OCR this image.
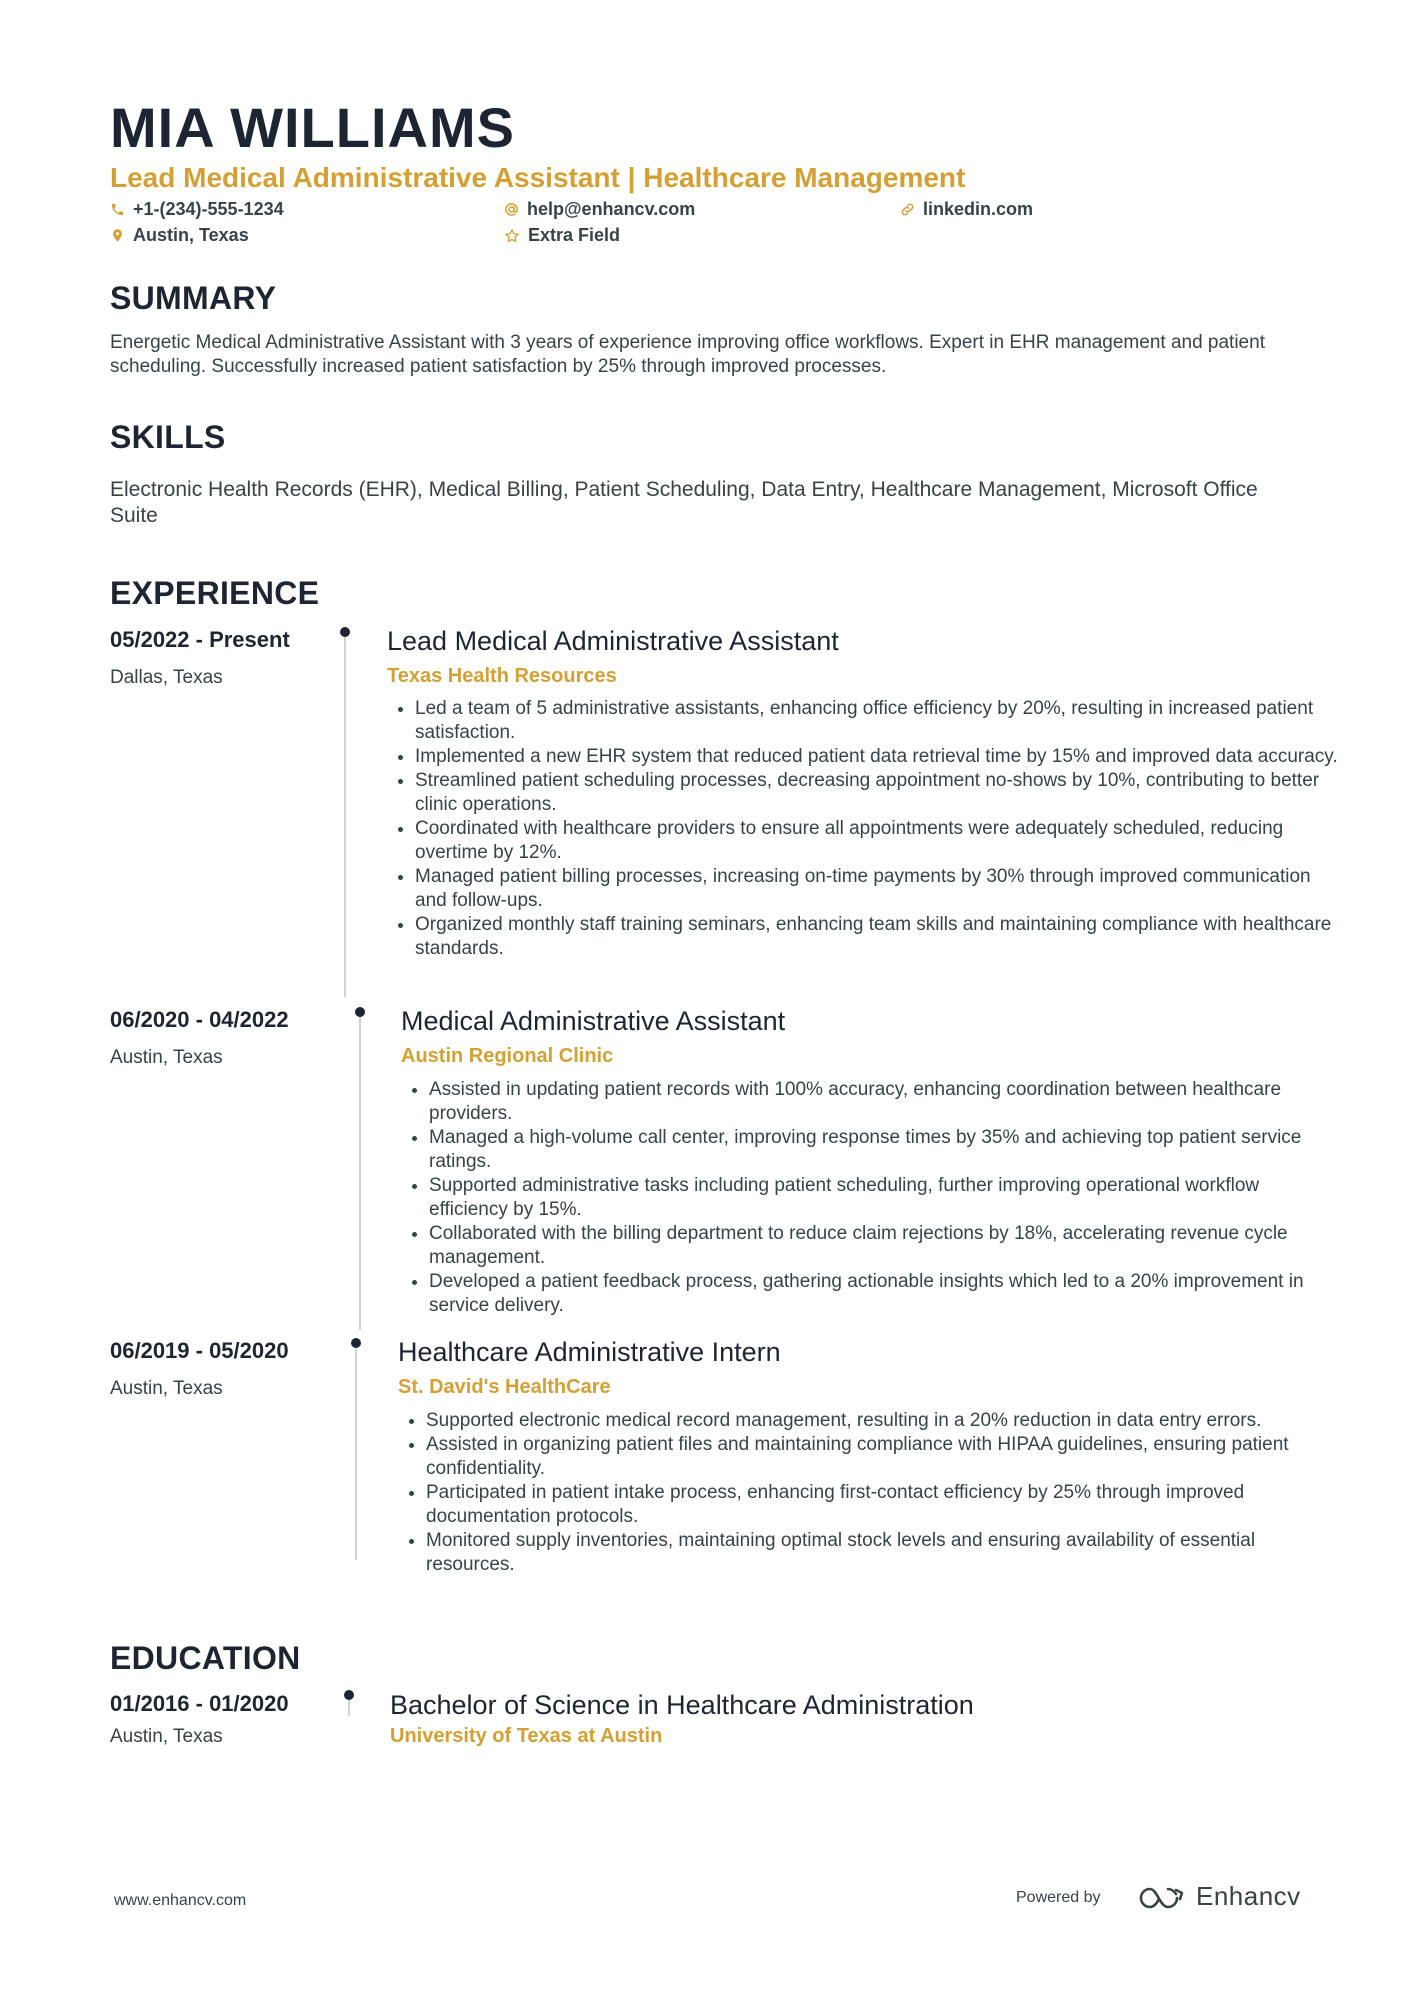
MIA WILLIAMS
Lead Medical Administrative Assistant | Healthcare Management
+1-(234)-555-1234	help@enhancv.com	linkedin.com
Austin, Texas	Extra Field
SUMMARY
Energetic Medical Administrative Assistant with 3 years of experience improving office workflows. Expert in EHR management and patient scheduling. Successfully increased patient satisfaction by 25% through improved processes.
SKILLS
Electronic Health Records (EHR), Medical Billing, Patient Scheduling, Data Entry, Healthcare Management, Microsoft Office Suite
EXPERIENCE
05/2022 - Present
Dallas, Texas
Lead Medical Administrative Assistant
Texas Health Resources
• Led a team of 5 administrative assistants, enhancing office efficiency by 20%, resulting in increased patient satisfaction.
• Implemented a new EHR system that reduced patient data retrieval time by 15% and improved data accuracy.
• Streamlined patient scheduling processes, decreasing appointment no-shows by 10%, contributing to better clinic operations.
• Coordinated with healthcare providers to ensure all appointments were adequately scheduled, reducing overtime by 12%.
• Managed patient billing processes, increasing on-time payments by 30% through improved communication and follow-ups.
• Organized monthly staff training seminars, enhancing team skills and maintaining compliance with healthcare standards.
06/2020 - 04/2022
Austin, Texas
Medical Administrative Assistant
Austin Regional Clinic
• Assisted in updating patient records with 100% accuracy, enhancing coordination between healthcare providers.
• Managed a high-volume call center, improving response times by 35% and achieving top patient service ratings.
• Supported administrative tasks including patient scheduling, further improving operational workflow efficiency by 15%.
• Collaborated with the billing department to reduce claim rejections by 18%, accelerating revenue cycle management.
• Developed a patient feedback process, gathering actionable insights which led to a 20% improvement in service delivery.
06/2019 - 05/2020
Austin, Texas
Healthcare Administrative Intern
St. David's HealthCare
• Supported electronic medical record management, resulting in a 20% reduction in data entry errors.
• Assisted in organizing patient files and maintaining compliance with HIPAA guidelines, ensuring patient confidentiality.
• Participated in patient intake process, enhancing first-contact efficiency by 25% through improved documentation protocols.
• Monitored supply inventories, maintaining optimal stock levels and ensuring availability of essential resources.
EDUCATION
01/2016 - 01/2020
Austin, Texas
Bachelor of Science in Healthcare Administration
University of Texas at Austin
www.enhancv.com	Powered by	Enhancv
